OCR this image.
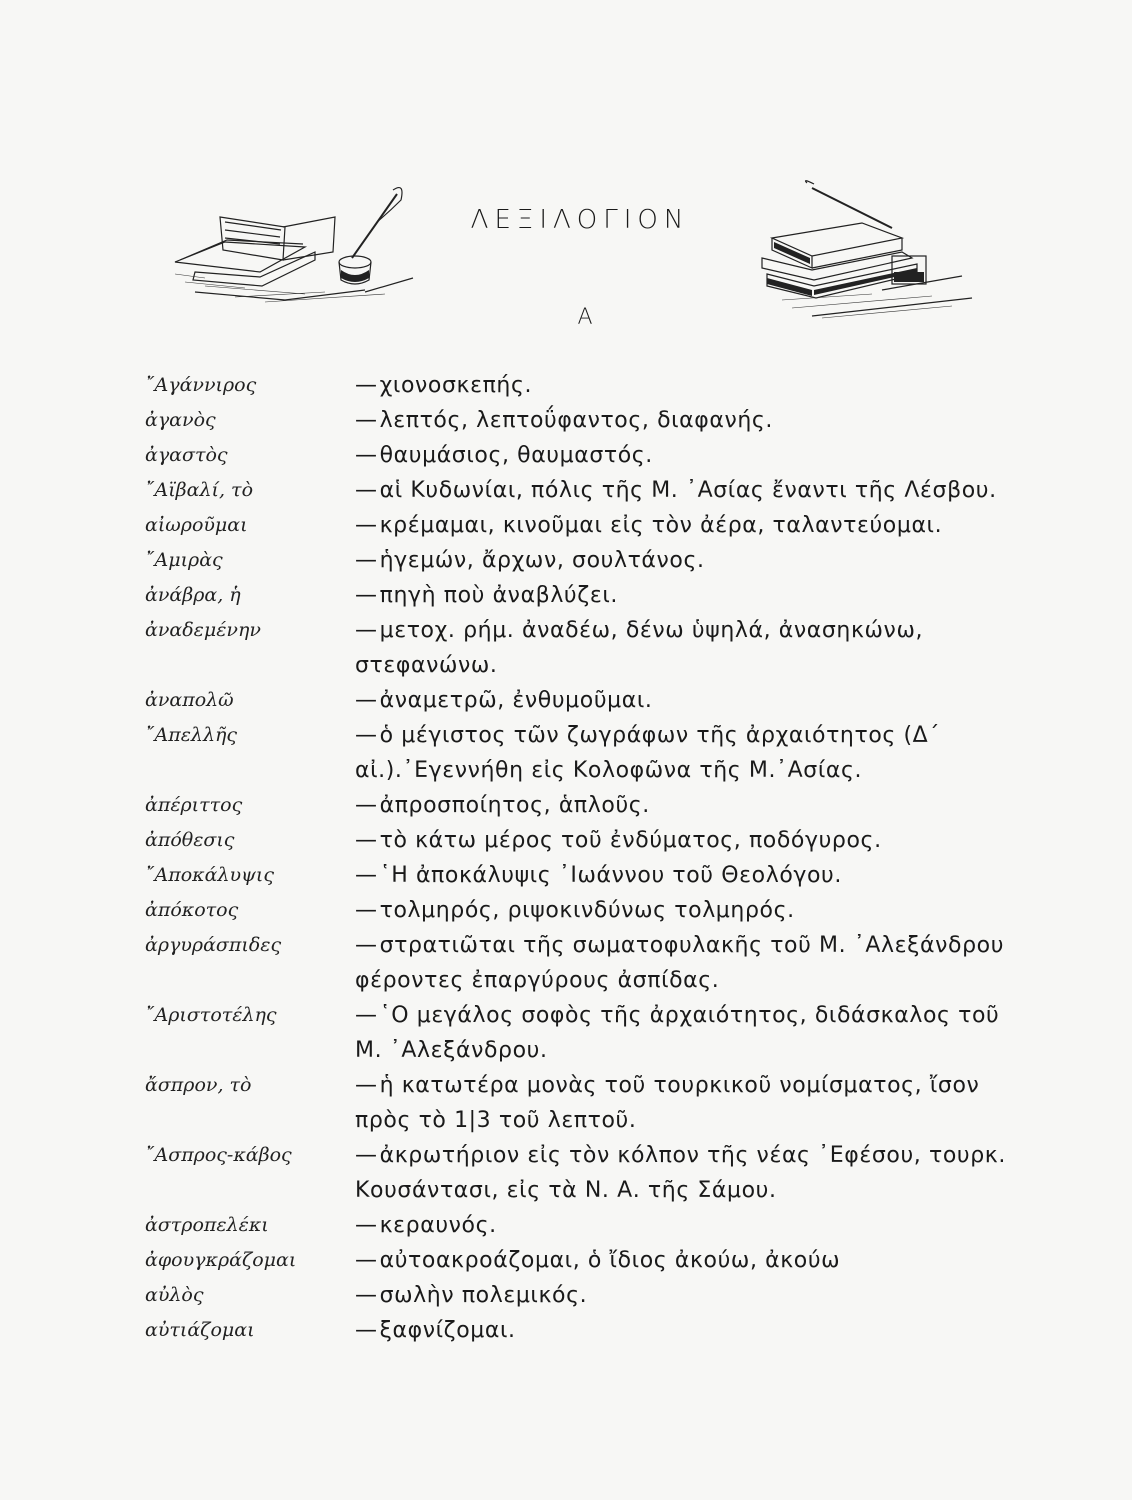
ΛΕΞΙΛΟΓΙΟΝ
Α
῎Αγάννιρος	—χιονοσκεπής.
ἀγανὸς	—λεπτός, λεπτοΰφαντος, διαφανής.
ἀγαστὸς	—θαυμάσιος, θαυμαστός.
῎Αϊβαλί, τὸ	—αἱ Κυδωνίαι, πόλις τῆς Μ. ᾿Ασίας ἔναντι τῆς Λέσβου.
αἰωροῦμαι	—κρέμαμαι, κινοῦμαι εἰς τὸν ἀέρα, ταλαντεύομαι.
῎Αμιρὰς	—ἡγεμών, ἄρχων, σουλτάνος.
ἀνάβρα, ἡ	—πηγὴ ποὺ ἀναβλύζει.
ἀναδεμένην	—μετοχ. ρήμ. ἀναδέω, δένω ὑψηλά, ἀνασηκώνω, στεφανώνω.
ἀναπολῶ	—ἀναμετρῶ, ἐνθυμοῦμαι.
῎Απελλῆς	—ὁ μέγιστος τῶν ζωγράφων τῆς ἀρχαιότητος (Δ΄ αἰ.).᾿Εγεννήθη εἰς Κολοφῶνα τῆς Μ.᾿Ασίας.
ἀπέριττος	—ἀπροσποίητος, ἁπλοῦς.
ἀπόθεσις	—τὸ κάτω μέρος τοῦ ἐνδύματος, ποδόγυρος.
῎Αποκάλυψις	—῾Η ἀποκάλυψις ᾿Ιωάννου τοῦ Θεολόγου.
ἀπόκοτος	—τολμηρός, ριψοκινδύνως τολμηρός.
ἀργυράσπιδες	—στρατιῶται τῆς σωματοφυλακῆς τοῦ Μ. ᾿Αλεξάνδρου φέροντες ἐπαργύρους ἀσπίδας.
῎Αριστοτέλης	—῾Ο μεγάλος σοφὸς τῆς ἀρχαιότητος, διδάσκαλος τοῦ Μ. ᾿Αλεξάνδρου.
ἄσπρον, τὸ	—ἡ κατωτέρα μονὰς τοῦ τουρκικοῦ νομίσματος, ἴσον πρὸς τὸ 1|3 τοῦ λεπτοῦ.
῎Ασπρος-κάβος	—ἀκρωτήριον εἰς τὸν κόλπον τῆς νέας ᾿Εφέσου, τουρκ. Κουσάντασι, εἰς τὰ Ν. Α. τῆς Σάμου.
ἀστροπελέκι	—κεραυνός.
ἀφουγκράζομαι	—αὐτοακροάζομαι, ὁ ἴδιος ἀκούω, ἀκούω
αὐλὸς	—σωλὴν πολεμικός.
αὐτιάζομαι	—ξαφνίζομαι.
